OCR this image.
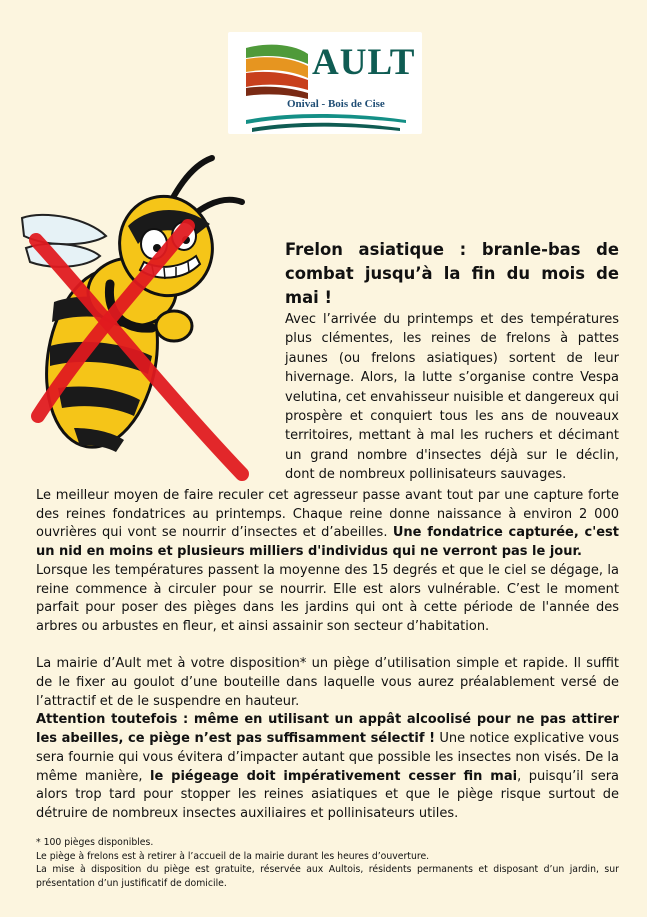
AULT
Onival - Bois de Cise
Frelon asiatique : branle-bas de
combat jusqu’à la fin du mois de mai !

Avec l’arrivée du printemps et des températures plus clémentes, les reines de frelons à pattes jaunes (ou frelons asiatiques) sortent de leur hivernage. Alors, la lutte s’organise contre Vespa velutina, cet envahisseur nuisible et dangereux qui prospère et conquiert tous les ans de nouveaux territoires, mettant à mal les ruchers et décimant un grand nombre d'insectes déjà sur le déclin, dont de nombreux pollinisateurs sauvages.

Le meilleur moyen de faire reculer cet agresseur passe avant tout par une capture forte des reines fondatrices au printemps. Chaque reine donne naissance à environ 2 000 ouvrières qui vont se nourrir d’insectes et d’abeilles. Une fondatrice capturée, c'est un nid en moins et plusieurs milliers d'individus qui ne verront pas le jour.

Lorsque les températures passent la moyenne des 15 degrés et que le ciel se dégage, la reine commence à circuler pour se nourrir. Elle est alors vulnérable. C’est le moment parfait pour poser des pièges dans les jardins qui ont à cette période de l'année des arbres ou arbustes en fleur, et ainsi assainir son secteur d’habitation.

La mairie d’Ault met à votre disposition* un piège d’utilisation simple et rapide. Il suffit de le fixer au goulot d’une bouteille dans laquelle vous aurez préalablement versé de l’attractif et de le suspendre en hauteur.

Attention toutefois : même en utilisant un appât alcoolisé pour ne pas attirer les abeilles, ce piège n’est pas suffisamment sélectif ! Une notice explicative vous sera fournie qui vous évitera d’impacter autant que possible les insectes non visés. De la même manière, le piégeage doit impérativement cesser fin mai, puisqu’il sera alors trop tard pour stopper les reines asiatiques et que le piège risque surtout de détruire de nombreux insectes auxiliaires et pollinisateurs utiles.

* 100 pièges disponibles.

Le piège à frelons est à retirer à l’accueil de la mairie durant les heures d’ouverture.

La mise à disposition du piège est gratuite, réservée aux Aultois, résidents permanents et disposant d’un jardin, sur présentation d’un justificatif de domicile.
